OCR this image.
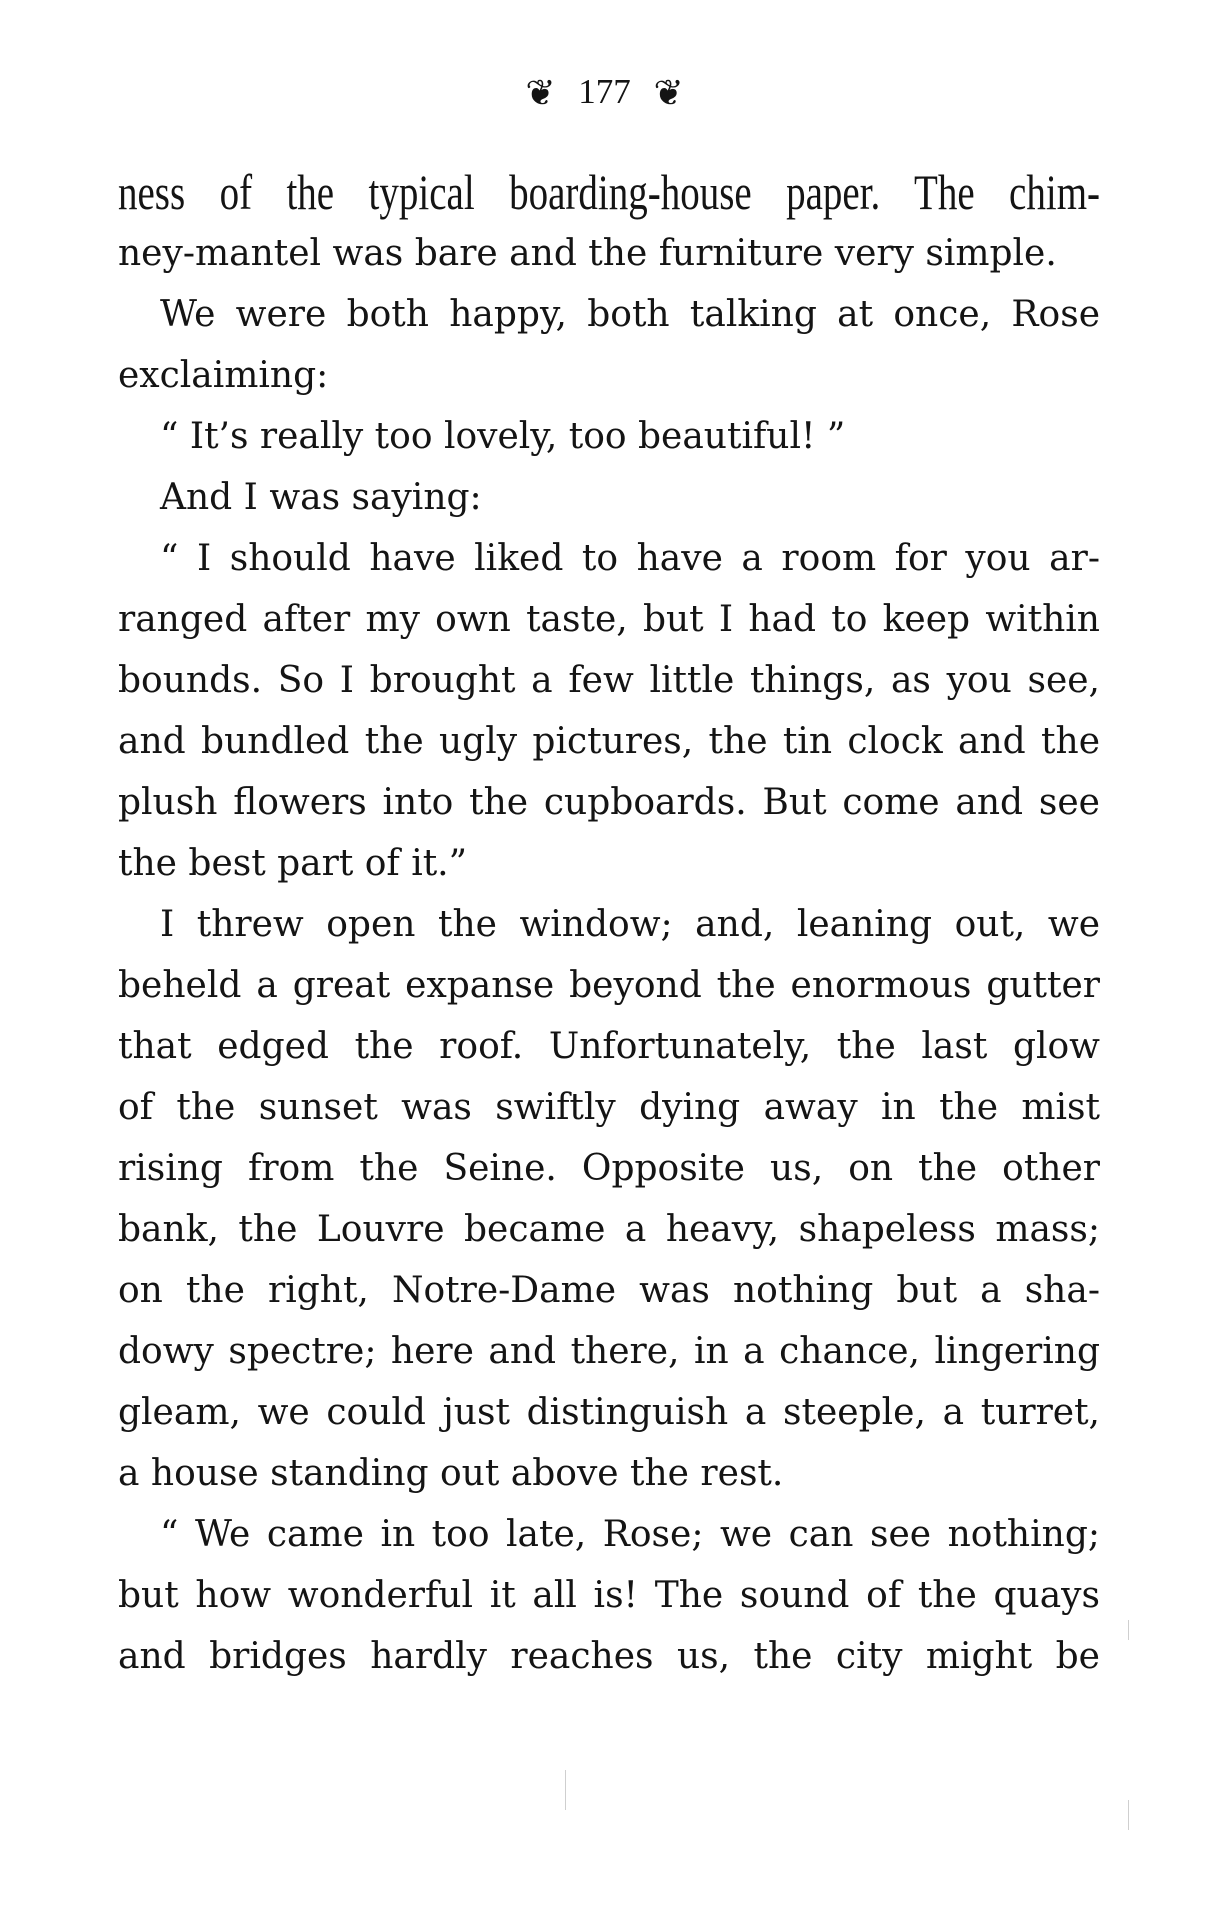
❦ 177 ❦
ness of the typical boarding-house paper. The chim-
ney-mantel was bare and the furniture very simple.
We were both happy, both talking at once, Rose
exclaiming:
“ It’s really too lovely, too beautiful! ”
And I was saying:
“ I should have liked to have a room for you ar-
ranged after my own taste, but I had to keep within
bounds. So I brought a few little things, as you see,
and bundled the ugly pictures, the tin clock and the
plush flowers into the cupboards. But come and see
the best part of it.”
I threw open the window; and, leaning out, we
beheld a great expanse beyond the enormous gutter
that edged the roof. Unfortunately, the last glow
of the sunset was swiftly dying away in the mist
rising from the Seine. Opposite us, on the other
bank, the Louvre became a heavy, shapeless mass;
on the right, Notre-Dame was nothing but a sha-
dowy spectre; here and there, in a chance, lingering
gleam, we could just distinguish a steeple, a turret,
a house standing out above the rest.
“ We came in too late, Rose; we can see nothing;
but how wonderful it all is! The sound of the quays
and bridges hardly reaches us, the city might be
